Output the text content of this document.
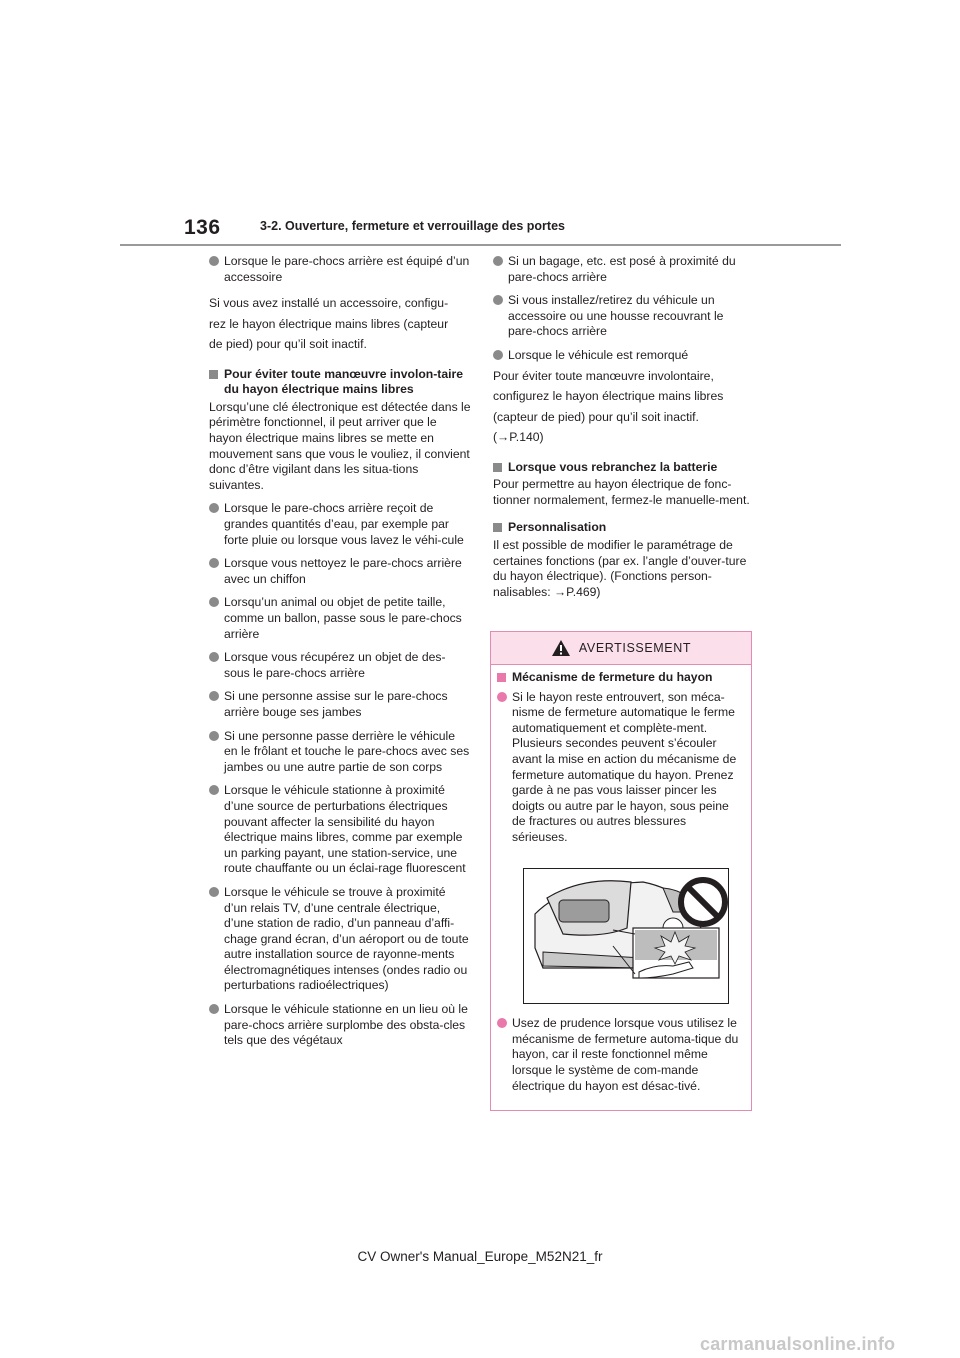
136	3-2. Ouverture, fermeture et verrouillage des portes
Lorsque le pare-chocs arrière est équipé d’un accessoire

Si vous avez installé un accessoire, configu-

rez le hayon électrique mains libres (capteur

de pied) pour qu’il soit inactif.

Pour éviter toute manœuvre involon-taire du hayon électrique mains libres

Lorsqu’une clé électronique est détectée dans le périmètre fonctionnel, il peut arriver que le hayon électrique mains libres se mette en mouvement sans que vous le vouliez, il convient donc d’être vigilant dans les situa-tions suivantes.

Lorsque le pare-chocs arrière reçoit de grandes quantités d’eau, par exemple par forte pluie ou lorsque vous lavez le véhi-cule
Lorsque vous nettoyez le pare-chocs arrière avec un chiffon
Lorsqu’un animal ou objet de petite taille, comme un ballon, passe sous le pare-chocs arrière
Lorsque vous récupérez un objet de des-sous le pare-chocs arrière
Si une personne assise sur le pare-chocs arrière bouge ses jambes
Si une personne passe derrière le véhicule en le frôlant et touche le pare-chocs avec ses jambes ou une autre partie de son corps
Lorsque le véhicule stationne à proximité d’une source de perturbations électriques pouvant affecter la sensibilité du hayon électrique mains libres, comme par exemple un parking payant, une station-service, une route chauffante ou un éclai-rage fluorescent
Lorsque le véhicule se trouve à proximité d’un relais TV, d’une centrale électrique, d’une station de radio, d’un panneau d’affi-chage grand écran, d’un aéroport ou de toute autre installation source de rayonne-ments électromagnétiques intenses (ondes radio ou perturbations radioélectriques)
Lorsque le véhicule stationne en un lieu où le pare-chocs arrière surplombe des obsta-cles tels que des végétaux
Si un bagage, etc. est posé à proximité du pare-chocs arrière
Si vous installez/retirez du véhicule un accessoire ou une housse recouvrant le pare-chocs arrière
Lorsque le véhicule est remorqué

Pour éviter toute manœuvre involontaire,

configurez le hayon électrique mains libres

(capteur de pied) pour qu’il soit inactif.

(→P.140)

Lorsque vous rebranchez la batterie

Pour permettre au hayon électrique de fonc-tionner normalement, fermez-le manuelle-ment.

Personnalisation

Il est possible de modifier le paramétrage de certaines fonctions (par ex. l’angle d’ouver-ture du hayon électrique). (Fonctions person-nalisables: →P.469)

AVERTISSEMENT
Mécanisme de fermeture du hayon
Si le hayon reste entrouvert, son méca-nisme de fermeture automatique le ferme automatiquement et complète-ment. Plusieurs secondes peuvent s’écouler avant la mise en action du mécanisme de fermeture automatique du hayon. Prenez garde à ne pas vous laisser pincer les doigts ou autre par le hayon, sous peine de fractures ou autres blessures sérieuses.
Usez de prudence lorsque vous utilisez le mécanisme de fermeture automa-tique du hayon, car il reste fonctionnel même lorsque le système de com-mande électrique du hayon est désac-tivé.
CV Owner's Manual_Europe_M52N21_fr
carmanualsonline.info
